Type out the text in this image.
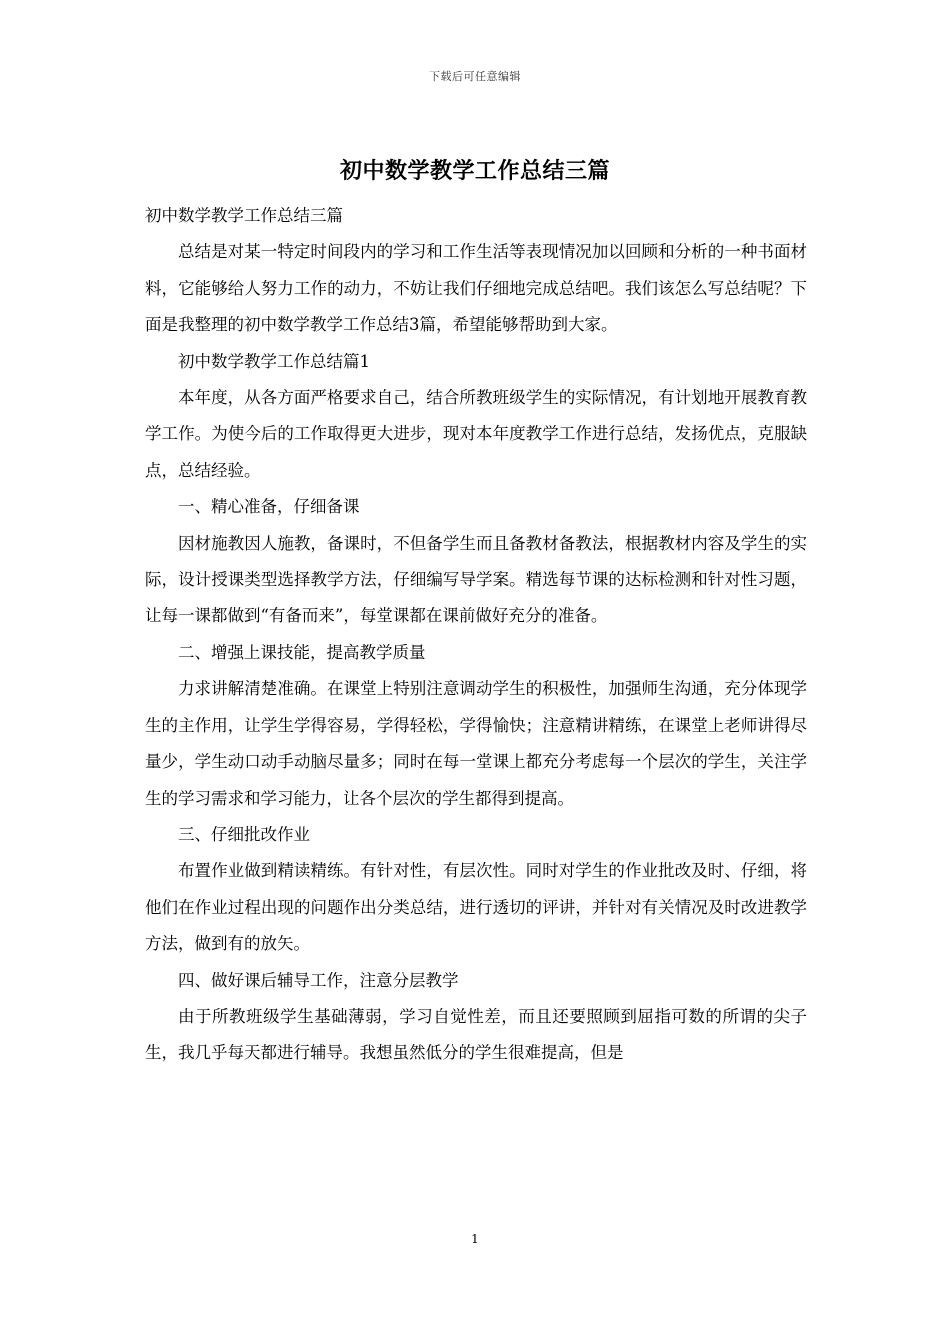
下载后可任意编辑
初中数学教学工作总结三篇

初中数学教学工作总结三篇

总结是对某一特定时间段内的学习和工作生活等表现情况加以回顾和分析的一种书面材料，它能够给人努力工作的动力，不妨让我们仔细地完成总结吧。我们该怎么写总结呢？下面是我整理的初中数学教学工作总结3篇，希望能够帮助到大家。

初中数学教学工作总结篇1

本年度，从各方面严格要求自己，结合所教班级学生的实际情况，有计划地开展教育教学工作。为使今后的工作取得更大进步，现对本年度教学工作进行总结，发扬优点，克服缺点，总结经验。

一、精心准备，仔细备课

因材施教因人施教，备课时，不但备学生而且备教材备教法，根据教材内容及学生的实际，设计授课类型选择教学方法，仔细编写导学案。精选每节课的达标检测和针对性习题，让每一课都做到“有备而来”，每堂课都在课前做好充分的准备。

二、增强上课技能，提高教学质量

力求讲解清楚准确。在课堂上特别注意调动学生的积极性，加强师生沟通，充分体现学生的主作用，让学生学得容易，学得轻松，学得愉快；注意精讲精练，在课堂上老师讲得尽量少，学生动口动手动脑尽量多；同时在每一堂课上都充分考虑每一个层次的学生，关注学生的学习需求和学习能力，让各个层次的学生都得到提高。

三、仔细批改作业

布置作业做到精读精练。有针对性，有层次性。同时对学生的作业批改及时、仔细，将他们在作业过程出现的问题作出分类总结，进行透切的评讲，并针对有关情况及时改进教学方法，做到有的放矢。

四、做好课后辅导工作，注意分层教学

由于所教班级学生基础薄弱，学习自觉性差，而且还要照顾到屈指可数的所谓的尖子生，我几乎每天都进行辅导。我想虽然低分的学生很难提高，但是

1
